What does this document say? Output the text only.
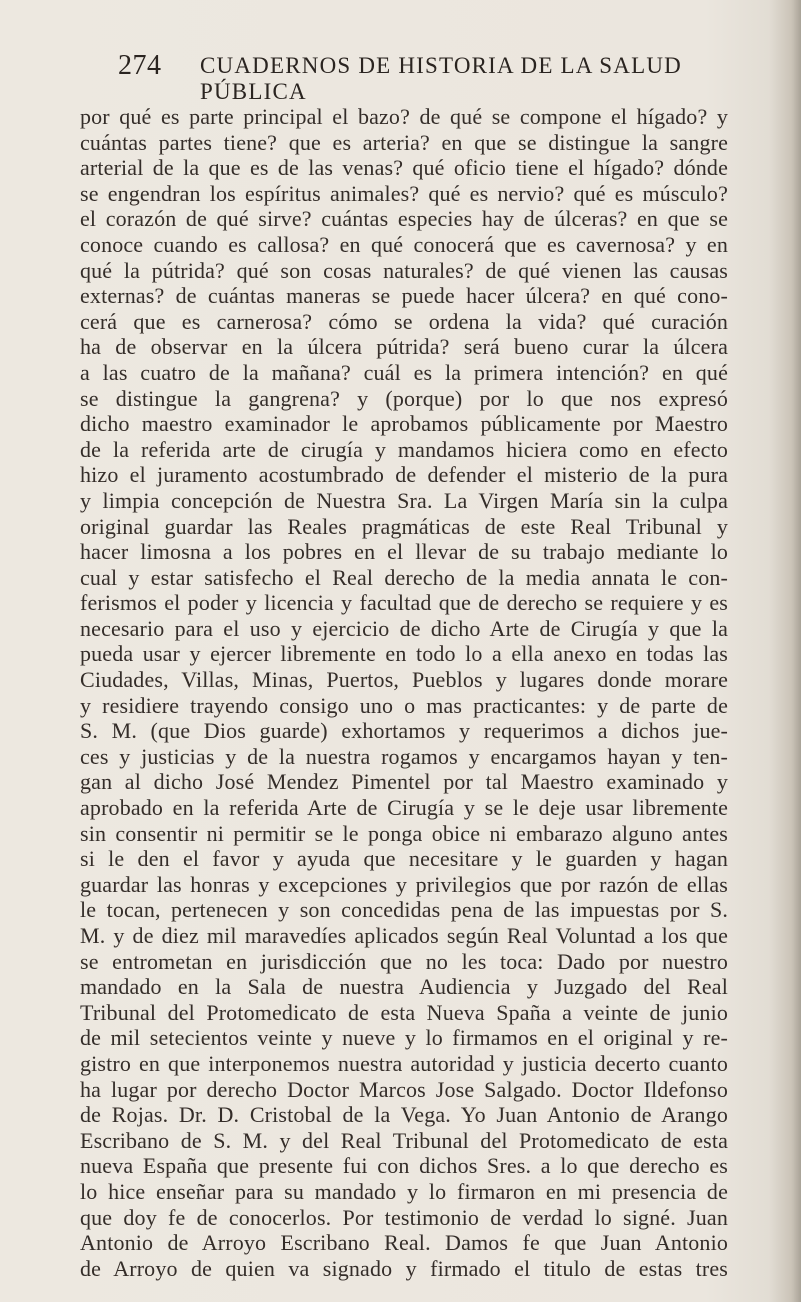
274 CUADERNOS DE HISTORIA DE LA SALUD PÚBLICA
por qué es parte principal el bazo? de qué se compone el hígado? y
cuántas partes tiene? que es arteria? en que se distingue la sangre
arterial de la que es de las venas? qué oficio tiene el hígado? dónde
se engendran los espíritus animales? qué es nervio? qué es músculo?
el corazón de qué sirve? cuántas especies hay de úlceras? en que se
conoce cuando es callosa? en qué conocerá que es cavernosa? y en
qué la pútrida? qué son cosas naturales? de qué vienen las causas
externas? de cuántas maneras se puede hacer úlcera? en qué cono-
cerá que es carnerosa? cómo se ordena la vida? qué curación
ha de observar en la úlcera pútrida? será bueno curar la úlcera
a las cuatro de la mañana? cuál es la primera intención? en qué
se distingue la gangrena? y (porque) por lo que nos expresó
dicho maestro examinador le aprobamos públicamente por Maestro
de la referida arte de cirugía y mandamos hiciera como en efecto
hizo el juramento acostumbrado de defender el misterio de la pura
y limpia concepción de Nuestra Sra. La Virgen María sin la culpa
original guardar las Reales pragmáticas de este Real Tribunal y
hacer limosna a los pobres en el llevar de su trabajo mediante lo
cual y estar satisfecho el Real derecho de la media annata le con-
ferismos el poder y licencia y facultad que de derecho se requiere y es
necesario para el uso y ejercicio de dicho Arte de Cirugía y que la
pueda usar y ejercer libremente en todo lo a ella anexo en todas las
Ciudades, Villas, Minas, Puertos, Pueblos y lugares donde morare
y residiere trayendo consigo uno o mas practicantes: y de parte de
S. M. (que Dios guarde) exhortamos y requerimos a dichos jue-
ces y justicias y de la nuestra rogamos y encargamos hayan y ten-
gan al dicho José Mendez Pimentel por tal Maestro examinado y
aprobado en la referida Arte de Cirugía y se le deje usar libremente
sin consentir ni permitir se le ponga obice ni embarazo alguno antes
si le den el favor y ayuda que necesitare y le guarden y hagan
guardar las honras y excepciones y privilegios que por razón de ellas
le tocan, pertenecen y son concedidas pena de las impuestas por S.
M. y de diez mil maravedíes aplicados según Real Voluntad a los que
se entrometan en jurisdicción que no les toca: Dado por nuestro
mandado en la Sala de nuestra Audiencia y Juzgado del Real
Tribunal del Protomedicato de esta Nueva Spaña a veinte de junio
de mil setecientos veinte y nueve y lo firmamos en el original y re-
gistro en que interponemos nuestra autoridad y justicia decerto cuanto
ha lugar por derecho Doctor Marcos Jose Salgado. Doctor Ildefonso
de Rojas. Dr. D. Cristobal de la Vega. Yo Juan Antonio de Arango
Escribano de S. M. y del Real Tribunal del Protomedicato de esta
nueva España que presente fui con dichos Sres. a lo que derecho es
lo hice enseñar para su mandado y lo firmaron en mi presencia de
que doy fe de conocerlos. Por testimonio de verdad lo signé. Juan
Antonio de Arroyo Escribano Real. Damos fe que Juan Antonio
de Arroyo de quien va signado y firmado el titulo de estas tres
